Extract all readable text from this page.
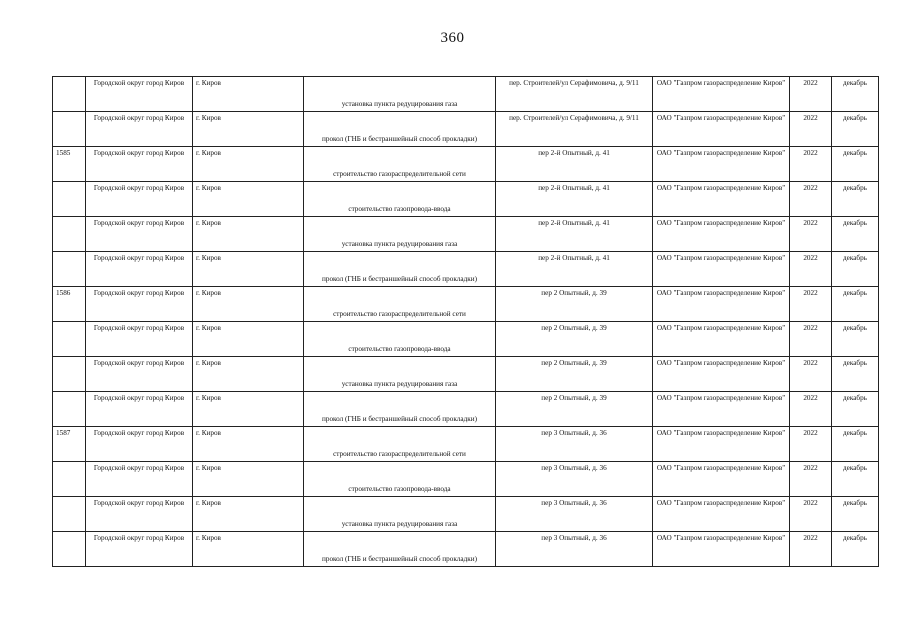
360
	Городской округ город Киров	г. Киров	установка пункта редуцирования газа	пер. Строителей/ул Серафимовича, д. 9/11	ОАО "Газпром газораспределение Киров"	2022	декабрь
	Городской округ город Киров	г. Киров	прокол (ГНБ и бестраншейный способ прокладки)	пер. Строителей/ул Серафимовича, д. 9/11	ОАО "Газпром газораспределение Киров"	2022	декабрь
1585	Городской округ город Киров	г. Киров	строительство газораспределительной сети	пер 2-й Опытный, д. 41	ОАО "Газпром газораспределение Киров"	2022	декабрь
	Городской округ город Киров	г. Киров	строительство газопровода-ввода	пер 2-й Опытный, д. 41	ОАО "Газпром газораспределение Киров"	2022	декабрь
	Городской округ город Киров	г. Киров	установка пункта редуцирования газа	пер 2-й Опытный, д. 41	ОАО "Газпром газораспределение Киров"	2022	декабрь
	Городской округ город Киров	г. Киров	прокол (ГНБ и бестраншейный способ прокладки)	пер 2-й Опытный, д. 41	ОАО "Газпром газораспределение Киров"	2022	декабрь
1586	Городской округ город Киров	г. Киров	строительство газораспределительной сети	пер 2 Опытный, д. 39	ОАО "Газпром газораспределение Киров"	2022	декабрь
	Городской округ город Киров	г. Киров	строительство газопровода-ввода	пер 2 Опытный, д. 39	ОАО "Газпром газораспределение Киров"	2022	декабрь
	Городской округ город Киров	г. Киров	установка пункта редуцирования газа	пер 2 Опытный, д. 39	ОАО "Газпром газораспределение Киров"	2022	декабрь
	Городской округ город Киров	г. Киров	прокол (ГНБ и бестраншейный способ прокладки)	пер 2 Опытный, д. 39	ОАО "Газпром газораспределение Киров"	2022	декабрь
1587	Городской округ город Киров	г. Киров	строительство газораспределительной сети	пер 3 Опытный, д. 36	ОАО "Газпром газораспределение Киров"	2022	декабрь
	Городской округ город Киров	г. Киров	строительство газопровода-ввода	пер 3 Опытный, д. 36	ОАО "Газпром газораспределение Киров"	2022	декабрь
	Городской округ город Киров	г. Киров	установка пункта редуцирования газа	пер 3 Опытный, д. 36	ОАО "Газпром газораспределение Киров"	2022	декабрь
	Городской округ город Киров	г. Киров	прокол (ГНБ и бестраншейный способ прокладки)	пер 3 Опытный, д. 36	ОАО "Газпром газораспределение Киров"	2022	декабрь
